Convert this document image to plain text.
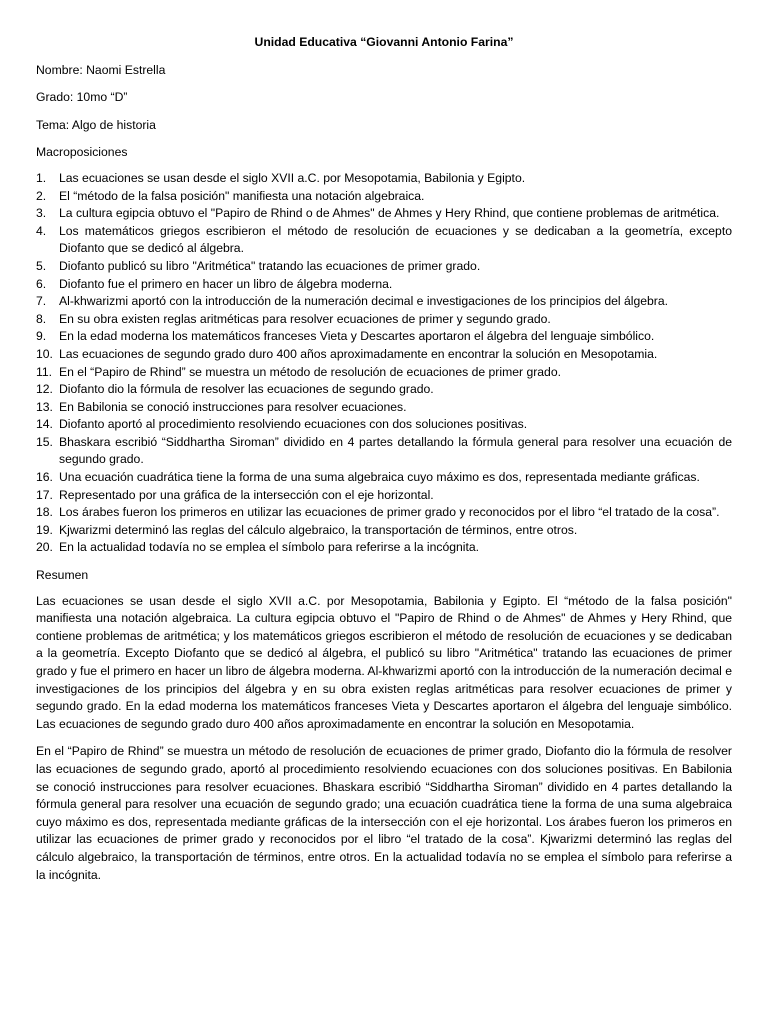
Unidad Educativa “Giovanni Antonio Farina”
Nombre: Naomi Estrella
Grado: 10mo “D”
Tema: Algo de historia
Macroposiciones
1. Las ecuaciones se usan desde el siglo XVII a.C. por Mesopotamia, Babilonia y Egipto.
2. El “método de la falsa posición" manifiesta una notación algebraica.
3. La cultura egipcia obtuvo el "Papiro de Rhind o de Ahmes" de Ahmes y Hery Rhind, que contiene problemas de aritmética.
4. Los matemáticos griegos escribieron el método de resolución de ecuaciones y se dedicaban a la geometría, excepto Diofanto que se dedicó al álgebra.
5. Diofanto publicó su libro "Aritmética" tratando las ecuaciones de primer grado.
6. Diofanto fue el primero en hacer un libro de álgebra moderna.
7. Al-khwarizmi aportó con la introducción de la numeración decimal e investigaciones de los principios del álgebra.
8. En su obra existen reglas aritméticas para resolver ecuaciones de primer y segundo grado.
9. En la edad moderna los matemáticos franceses Vieta y Descartes aportaron el álgebra del lenguaje simbólico.
10. Las ecuaciones de segundo grado duro 400 años aproximadamente en encontrar la solución en Mesopotamia.
11. En el “Papiro de Rhind” se muestra un método de resolución de ecuaciones de primer grado.
12. Diofanto dio la fórmula de resolver las ecuaciones de segundo grado.
13. En Babilonia se conoció instrucciones para resolver ecuaciones.
14. Diofanto aportó al procedimiento resolviendo ecuaciones con dos soluciones positivas.
15. Bhaskara escribió “Siddhartha Siroman” dividido en 4 partes detallando la fórmula general para resolver una ecuación de segundo grado.
16. Una ecuación cuadrática tiene la forma de una suma algebraica cuyo máximo es dos, representada mediante gráficas.
17. Representado por una gráfica de la intersección con el eje horizontal.
18. Los árabes fueron los primeros en utilizar las ecuaciones de primer grado y reconocidos por el libro “el tratado de la cosa”.
19. Kjwarizmi determinó las reglas del cálculo algebraico, la transportación de términos, entre otros.
20. En la actualidad todavía no se emplea el símbolo para referirse a la incógnita.
Resumen

Las ecuaciones se usan desde el siglo XVII a.C. por Mesopotamia, Babilonia y Egipto. El “método de la falsa posición" manifiesta una notación algebraica. La cultura egipcia obtuvo el "Papiro de Rhind o de Ahmes" de Ahmes y Hery Rhind, que contiene problemas de aritmética; y los matemáticos griegos escribieron el método de resolución de ecuaciones y se dedicaban a la geometría. Excepto Diofanto que se dedicó al álgebra, el publicó su libro "Aritmética" tratando las ecuaciones de primer grado y fue el primero en hacer un libro de álgebra moderna. Al-khwarizmi aportó con la introducción de la numeración decimal e investigaciones de los principios del álgebra y en su obra existen reglas aritméticas para resolver ecuaciones de primer y segundo grado. En la edad moderna los matemáticos franceses Vieta y Descartes aportaron el álgebra del lenguaje simbólico. Las ecuaciones de segundo grado duro 400 años aproximadamente en encontrar la solución en Mesopotamia.

En el “Papiro de Rhind” se muestra un método de resolución de ecuaciones de primer grado, Diofanto dio la fórmula de resolver las ecuaciones de segundo grado, aportó al procedimiento resolviendo ecuaciones con dos soluciones positivas. En Babilonia se conoció instrucciones para resolver ecuaciones. Bhaskara escribió “Siddhartha Siroman” dividido en 4 partes detallando la fórmula general para resolver una ecuación de segundo grado; una ecuación cuadrática tiene la forma de una suma algebraica cuyo máximo es dos, representada mediante gráficas de la intersección con el eje horizontal. Los árabes fueron los primeros en utilizar las ecuaciones de primer grado y reconocidos por el libro “el tratado de la cosa”. Kjwarizmi determinó las reglas del cálculo algebraico, la transportación de términos, entre otros. En la actualidad todavía no se emplea el símbolo para referirse a la incógnita.
